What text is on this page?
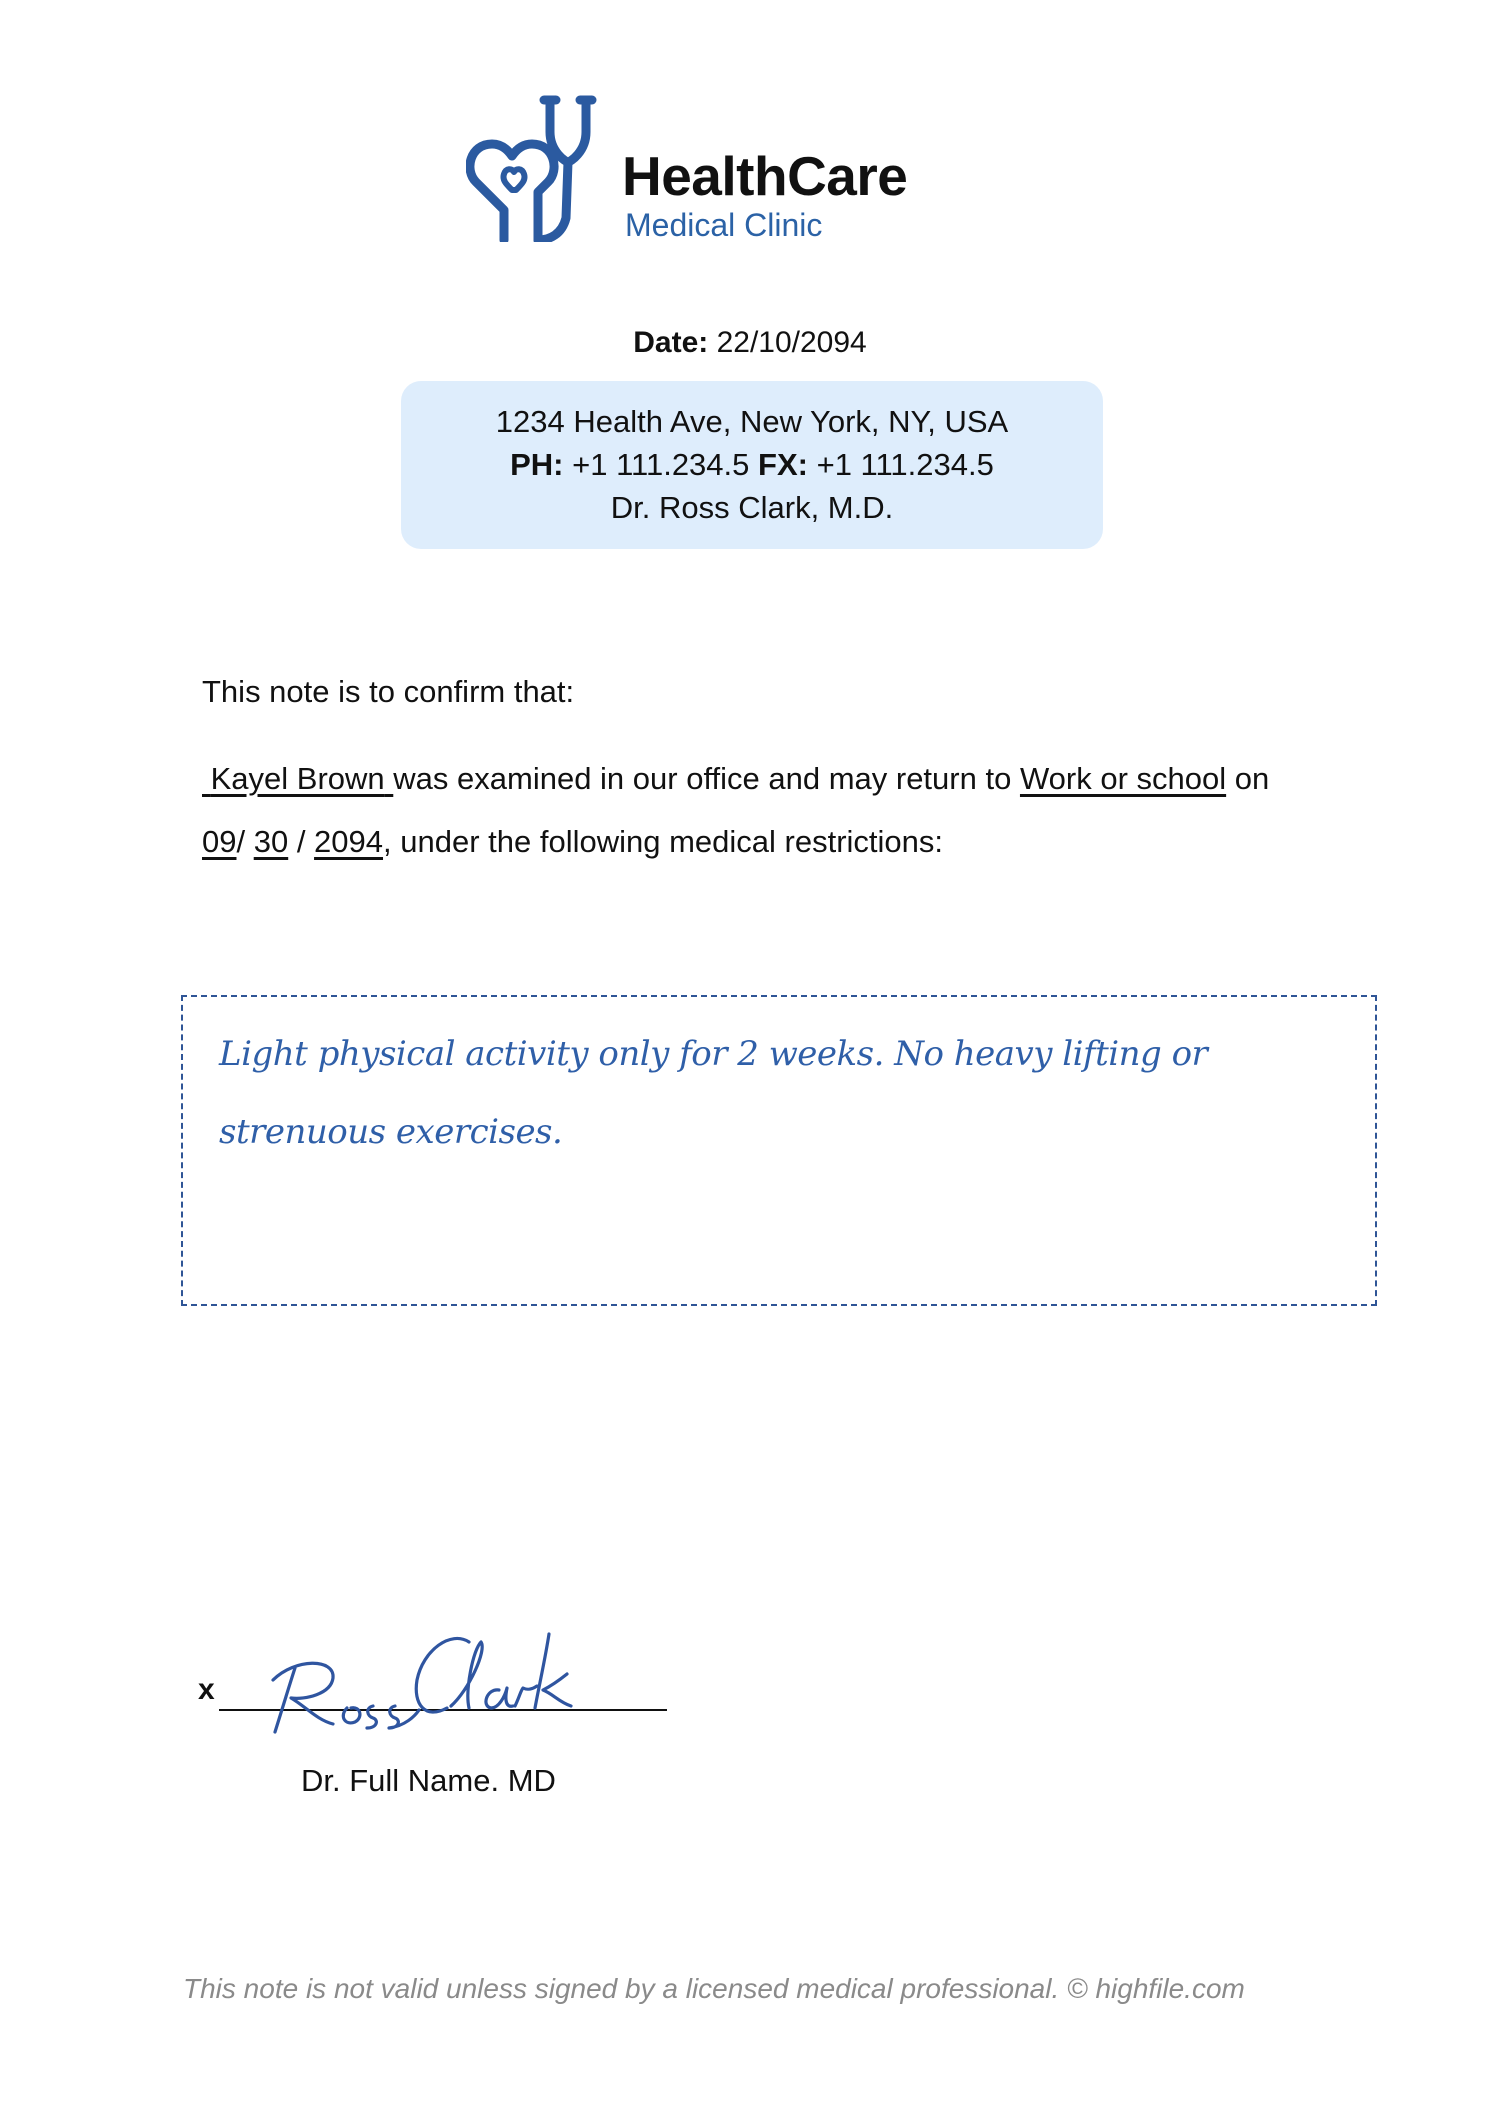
HealthCare
Medical Clinic
Date: 22/10/2094
1234 Health Ave, New York, NY, USA
PH: +1 111.234.5 FX: +1 111.234.5
Dr. Ross Clark, M.D.
This note is to confirm that:
Kayel Brown was examined in our office and may return to Work or school on
09/ 30 / 2094, under the following medical restrictions:
Light physical activity only for 2 weeks. No heavy lifting or strenuous exercises.
x
Dr. Full Name. MD
This note is not valid unless signed by a licensed medical professional. © highfile.com
